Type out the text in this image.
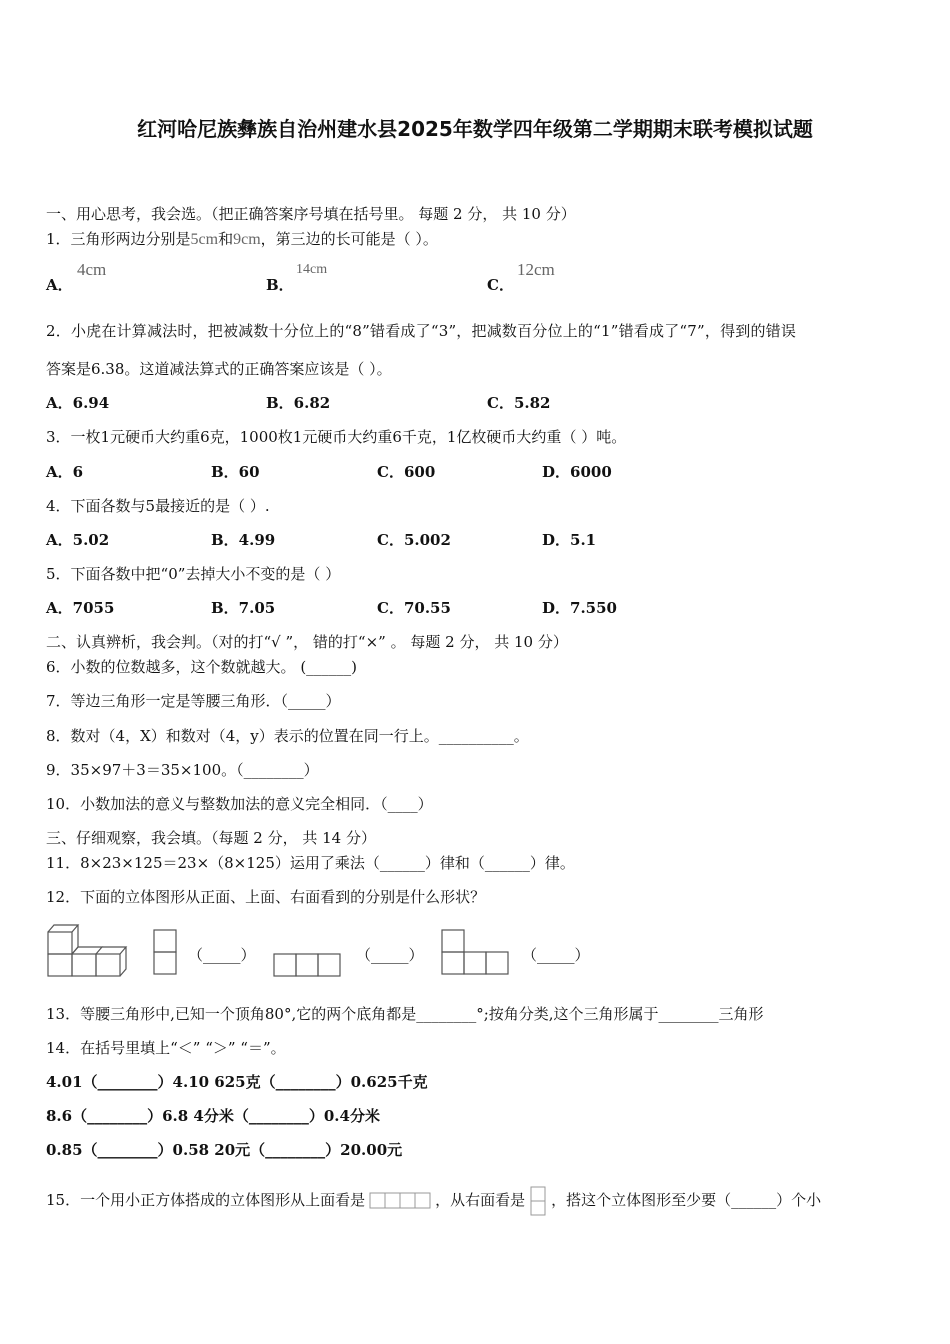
红河哈尼族彝族自治州建水县2025年数学四年级第二学期期末联考模拟试题
一、用心思考，我会选。（把正确答案序号填在括号里。 每题 2 分， 共 10 分）
1．三角形两边分别是5cm和9cm，第三边的长可能是（ ）。
A．
4cm
B．
14cm
C．
12cm
2．小虎在计算减法时，把被减数十分位上的“8”错看成了“3”，把减数百分位上的“1”错看成了“7”，得到的错误
答案是6.38。这道减法算式的正确答案应该是（ ）。
A．6.94	B．6.82	C．5.82
3．一枚1元硬币大约重6克，1000枚1元硬币大约重6千克，1亿枚硬币大约重（ ）吨。
A．6	B．60	C．600	D．6000
4．下面各数与5最接近的是（ ）.
A．5.02	B．4.99	C．5.002	D．5.1
5．下面各数中把“0”去掉大小不变的是（ ）
A．7055	B．7.05	C．70.55	D．7.550
二、认真辨析，我会判。（对的打“√ ”， 错的打“×” 。 每题 2 分， 共 10 分）
6．小数的位数越多，这个数就越大。 (______)
7．等边三角形一定是等腰三角形．（_____）
8．数对（4，X）和数对（4，y）表示的位置在同一行上。__________。
9．35×97＋3＝35×100。（________）
10．小数加法的意义与整数加法的意义完全相同．（____）
三、仔细观察，我会填。（每题 2 分， 共 14 分）
11．8×23×125＝23×（8×125）运用了乘法（______）律和（______）律。
12．下面的立体图形从正面、上面、右面看到的分别是什么形状？
（_____）	（_____）	（_____）
13．等腰三角形中,已知一个顶角80°,它的两个底角都是________°;按角分类,这个三角形属于________三角形
14．在括号里填上“＜” “＞” “＝”。
4.01（________）4.10 625克（________）0.625千克
8.6（________）6.8 4分米（________）0.4分米
0.85（________）0.58 20元（________）20.00元
15．一个用小正方体搭成的立体图形从上面看是	，从右面看是 ，搭这个立体图形至少要（______）个小
